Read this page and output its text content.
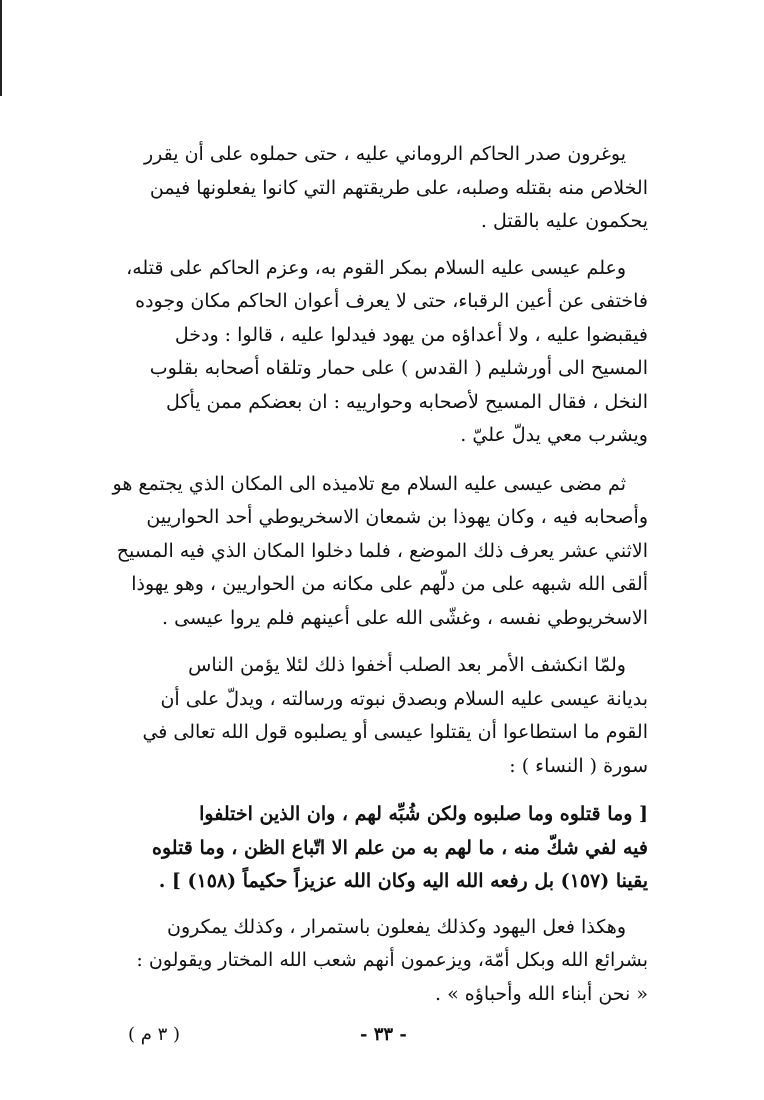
يوغرون صدر الحاكم الروماني عليه ، حتى حملوه على أن يقرر

الخلاص منه بقتله وصلبه، على طريقتهم التي كانوا يفعلونها فيمن

يحكمون عليه بالقتل .

وعلم عيسى عليه السلام بمكر القوم به، وعزم الحاكم على قتله،

فاختفى عن أعين الرقباء، حتى لا يعرف أعوان الحاكم مكان وجوده

فيقبضوا عليه ، ولا أعداؤه من يهود فيدلوا عليه ، قالوا : ودخل

المسيح الى أورشليم ( القدس ) على حمار وتلقاه أصحابه بقلوب

النخل ، فقال المسيح لأصحابه وحوارييه : ان بعضكم ممن يأكل

ويشرب معي يدلّ عليّ .

ثم مضى عيسى عليه السلام مع تلاميذه الى المكان الذي يجتمع هو

وأصحابه فيه ، وكان يهوذا بن شمعان الاسخريوطي أحد الحواريين

الاثني عشر يعرف ذلك الموضع ، فلما دخلوا المكان الذي فيه المسيح

ألقى الله شبهه على من دلّهم على مكانه من الحواريين ، وهو يهوذا

الاسخريوطي نفسه ، وغشّى الله على أعينهم فلم يروا عيسى .

ولمّا انكشف الأمر بعد الصلب أخفوا ذلك لئلا يؤمن الناس

بديانة عيسى عليه السلام وبصدق نبوته ورسالته ، ويدلّ على أن

القوم ما استطاعوا أن يقتلوا عيسى أو يصلبوه قول الله تعالى في

سورة ( النساء ) :

[ وما قتلوه وما صلبوه ولكن شُبِّه لهم ، وان الذين اختلفوا

فيه لفي شكّ منه ، ما لهم به من علم الا اتّباع الظن ، وما قتلوه

يقينا (١٥٧) بل رفعه الله اليه وكان الله عزيزاً حكيماً (١٥٨) ] .

وهكذا فعل اليهود وكذلك يفعلون باستمرار ، وكذلك يمكرون

بشرائع الله وبكل أمّة، ويزعمون أنهم شعب الله المختار ويقولون :

« نحن أبناء الله وأحباؤه » .

- ٣٣ -
( ٣ م )
